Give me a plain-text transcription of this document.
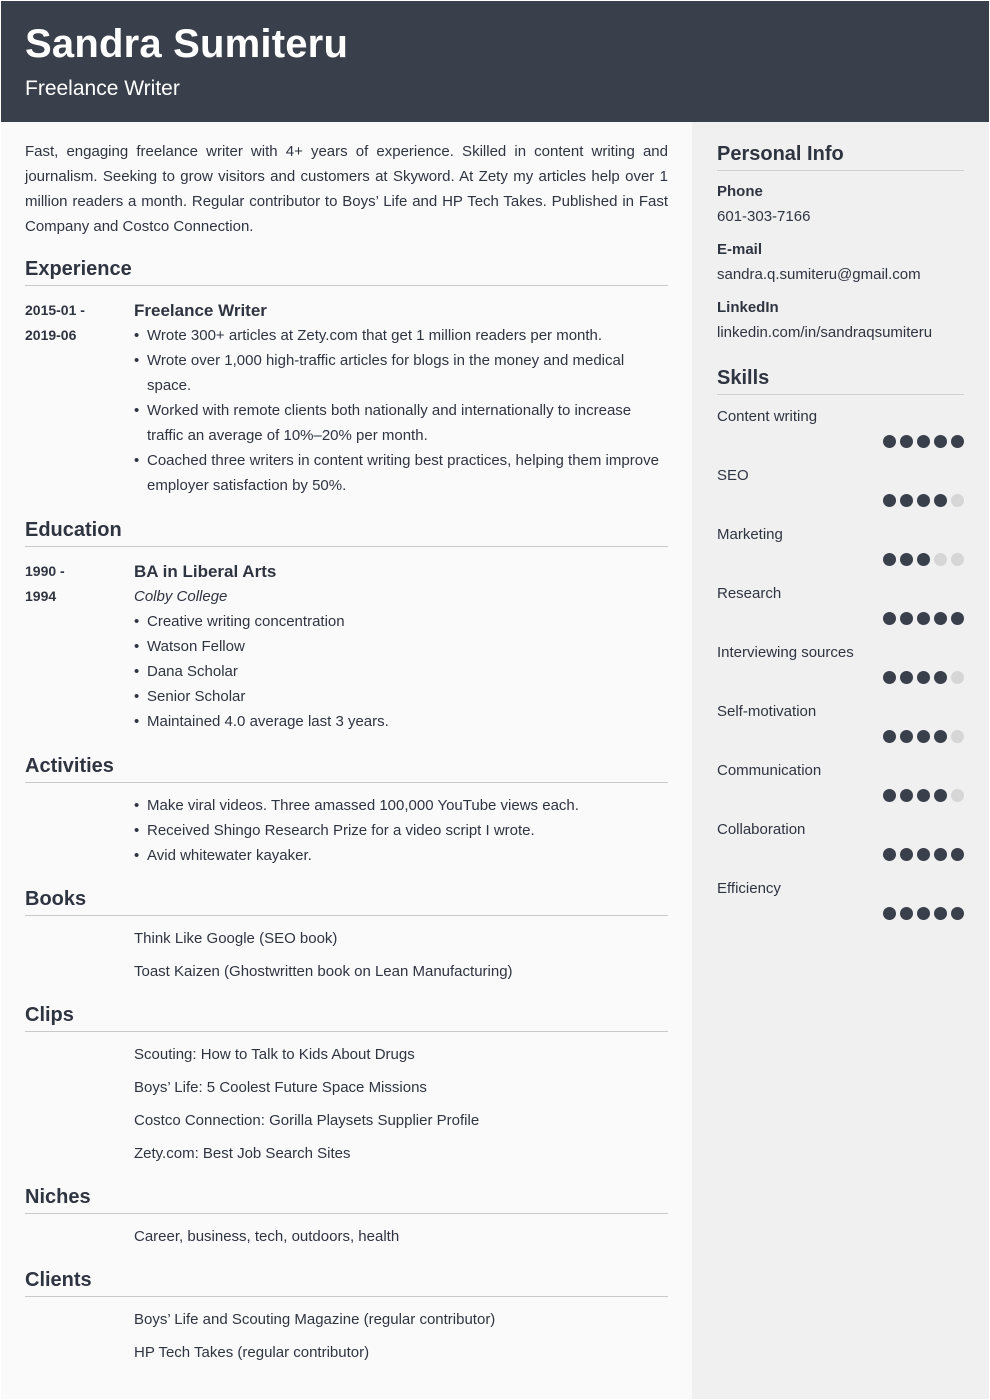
Sandra Sumiteru
Freelance Writer

Fast, engaging freelance writer with 4+ years of experience. Skilled in content writing and journalism. Seeking to grow visitors and customers at Skyword. At Zety my articles help over 1 million readers a month. Regular contributor to Boys’ Life and HP Tech Takes. Published in Fast Company and Costco Connection.

Experience
2015-01 -
2019-06
Freelance Writer
• Wrote 300+ articles at Zety.com that get 1 million readers per month.
• Wrote over 1,000 high-traffic articles for blogs in the money and medical space.
• Worked with remote clients both nationally and internationally to increase traffic an average of 10%–20% per month.
• Coached three writers in content writing best practices, helping them improve employer satisfaction by 50%.
Education
1990 -
1994
BA in Liberal Arts
Colby College
• Creative writing concentration
• Watson Fellow
• Dana Scholar
• Senior Scholar
• Maintained 4.0 average last 3 years.
Activities
• Make viral videos. Three amassed 100,000 YouTube views each.
• Received Shingo Research Prize for a video script I wrote.
• Avid whitewater kayaker.
Books
Think Like Google (SEO book)
Toast Kaizen (Ghostwritten book on Lean Manufacturing)
Clips
Scouting: How to Talk to Kids About Drugs
Boys’ Life: 5 Coolest Future Space Missions
Costco Connection: Gorilla Playsets Supplier Profile
Zety.com: Best Job Search Sites
Niches
Career, business, tech, outdoors, health
Clients
Boys’ Life and Scouting Magazine (regular contributor)
HP Tech Takes (regular contributor)
Personal Info
Phone
601-303-7166
E-mail
sandra.q.sumiteru@gmail.com
LinkedIn
linkedin.com/in/sandraqsumiteru
Skills
Content writing
SEO
Marketing
Research
Interviewing sources
Self-motivation
Communication
Collaboration
Efficiency
